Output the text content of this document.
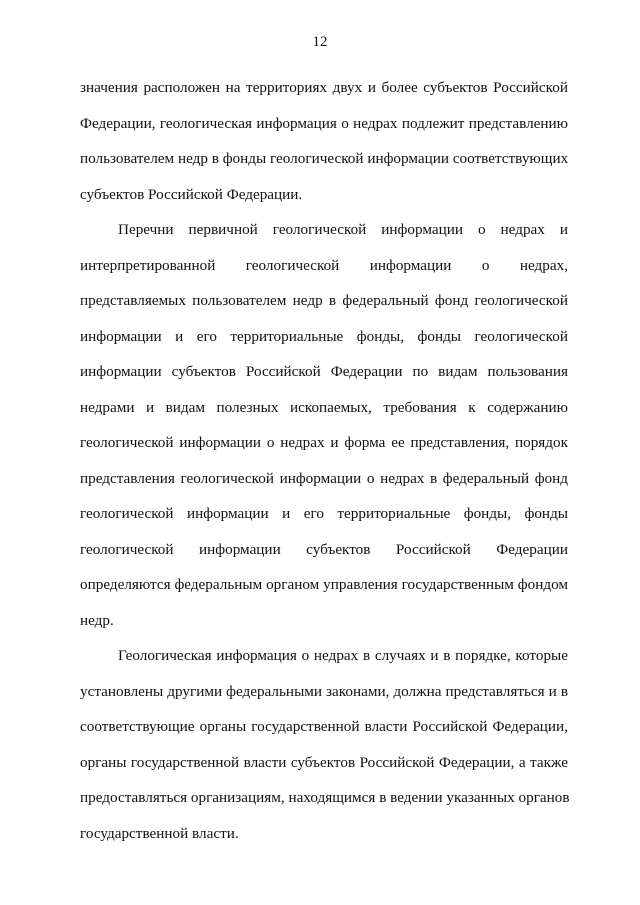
12
значения расположен на территориях двух и более субъектов Российской
Федерации, геологическая информация о недрах подлежит представлению
пользователем недр в фонды геологической информации соответствующих
субъектов Российской Федерации.
Перечни первичной геологической информации о недрах и
интерпретированной геологической информации о недрах,
представляемых пользователем недр в федеральный фонд геологической
информации и его территориальные фонды, фонды геологической
информации субъектов Российской Федерации по видам пользования
недрами и видам полезных ископаемых, требования к содержанию
геологической информации о недрах и форма ее представления, порядок
представления геологической информации о недрах в федеральный фонд
геологической информации и его территориальные фонды, фонды
геологической информации субъектов Российской Федерации
определяются федеральным органом управления государственным фондом
недр.
Геологическая информация о недрах в случаях и в порядке, которые
установлены другими федеральными законами, должна представляться и в
соответствующие органы государственной власти Российской Федерации,
органы государственной власти субъектов Российской Федерации, а также
предоставляться организациям, находящимся в ведении указанных органов
государственной власти.
